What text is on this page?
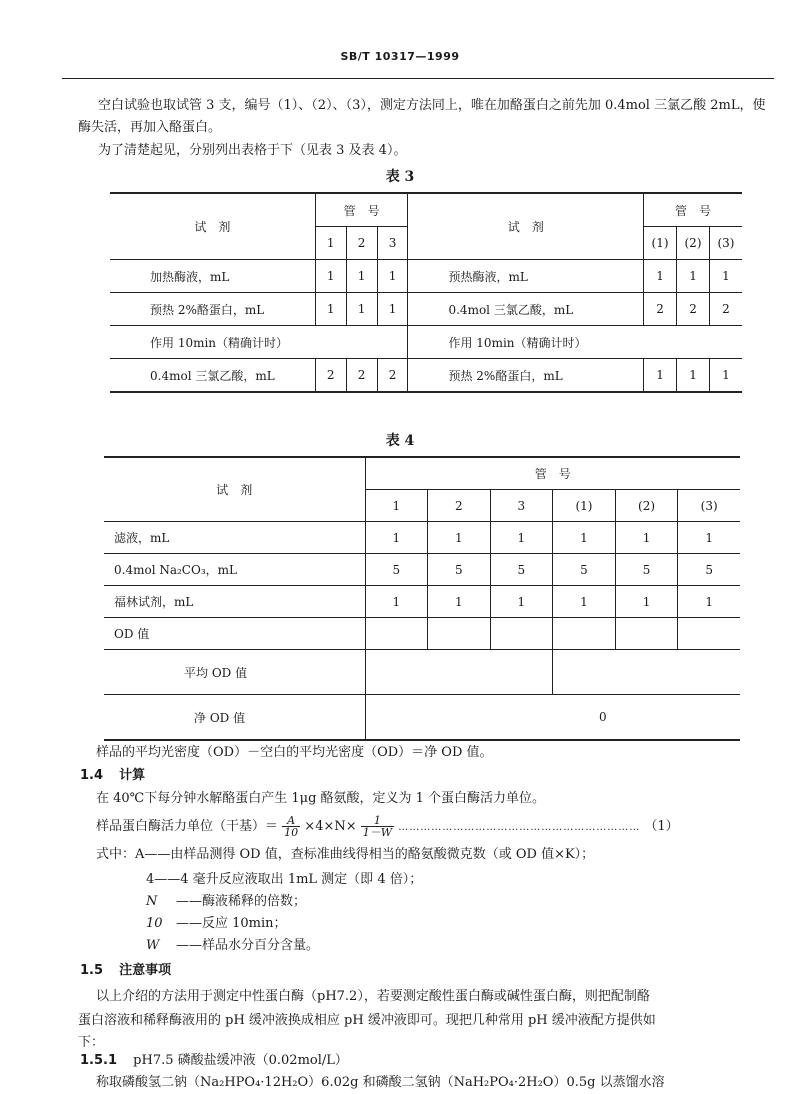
SB/T 10317—1999
空白试验也取试管 3 支，编号（1）、（2）、（3），测定方法同上，唯在加酪蛋白之前先加 0.4mol 三氯乙酸 2mL，使酶失活，再加入酪蛋白。
为了清楚起见，分别列出表格于下（见表 3 及表 4）。
表 3
试　剂	管　号			试　剂	管　号		
	1	2	3		(1)	(2)	(3)
加热酶液，mL	1	1	1	预热酶液，mL	1	1	1
预热 2%酪蛋白，mL	1	1	1	0.4mol 三氯乙酸，mL	2	2	2
作用 10min（精确计时）				作用 10min（精确计时）			
0.4mol 三氯乙酸，mL	2	2	2	预热 2%酪蛋白，mL	1	1	1
表 4
试　剂	管　号					
	1	2	3	(1)	(2)	(3)
滤液，mL	1	1	1	1	1	1
0.4mol Na₂CO₃，mL	5	5	5	5	5	5
福林试剂，mL	1	1	1	1	1	1
OD 值						
平均 OD 值						
净 OD 值	0					
样品的平均光密度（OD）－空白的平均光密度（OD）＝净 OD 值。
1.4 计算
在 40℃下每分钟水解酪蛋白产生 1μg 酪氨酸，定义为 1 个蛋白酶活力单位。
样品蛋白酶活力单位（干基）＝ $\frac{A}{10} \times 4\times N\times \frac{1}{1-W}$ ………………………………………………………… （1）
式中：A——由样品测得 OD 值，查标准曲线得相当的酪氨酸微克数（或 OD 值×K）；
4——4 毫升反应液取出 1mL 测定（即 4 倍）；
N ——酶液稀释的倍数；
10 ——反应 10min；
W ——样品水分百分含量。
1.5 注意事项
以上介绍的方法用于测定中性蛋白酶（pH7.2），若要测定酸性蛋白酶或碱性蛋白酶，则把配制酪
蛋白溶液和稀释酶液用的 pH 缓冲液换成相应 pH 缓冲液即可。现把几种常用 pH 缓冲液配方提供如
下：
1.5.1 pH7.5 磷酸盐缓冲液（0.02mol/L）
称取磷酸氢二钠（Na₂HPO₄·12H₂O）6.02g 和磷酸二氢钠（NaH₂PO₄·2H₂O）0.5g 以蒸馏水溶
